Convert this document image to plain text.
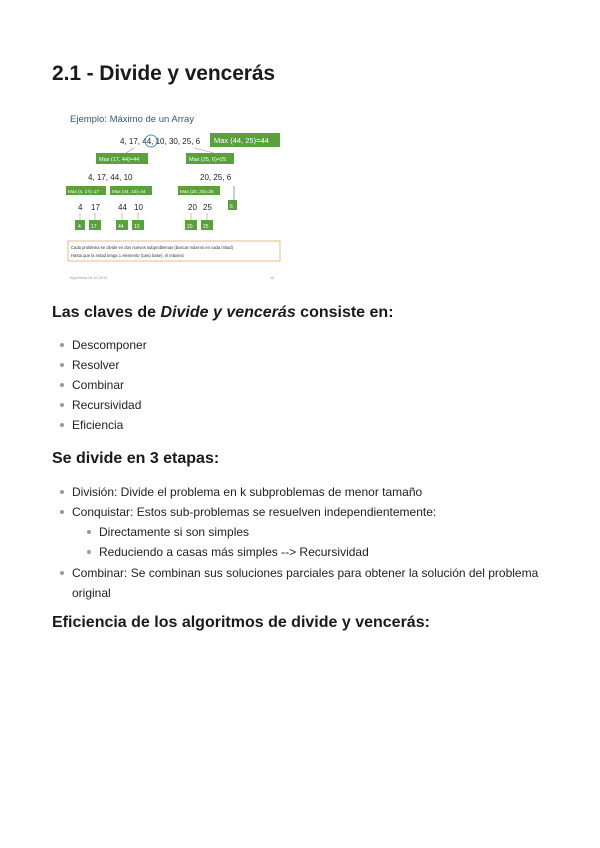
2.1 - Divide y vencerás
Ejemplo: Máximo de un Array
4, 17, 44, 10, 30, 25, 6 Max (44, 25)=44
Max (17, 44)=44	Max (25, 6)=25
4, 17, 44, 10	20, 25, 6
Max (4, 17)=17	Max (44, 10)=44	Max (20, 25)=25
6
4 17 44 10	20 25
4 17	44 10	20 25
Cada problema se divide en dos nuevos subproblemas (buscar máximo en cada mitad)
Hasta que la mitad tenga 1 elemento (caso base), el máximo
Algoritmia 26-10-2019	15
Las claves de Divide y vencerás consiste en:
Descomponer
Resolver
Combinar
Recursividad
Eficiencia
Se divide en 3 etapas:
División: Divide el problema en k subproblemas de menor tamaño
Conquistar: Estos sub-problemas se resuelven independientemente:
Directamente si son simples
Reduciendo a casas más simples --> Recursividad
Combinar: Se combinan sus soluciones parciales para obtener la solución del problema original
Eficiencia de los algoritmos de divide y vencerás:
